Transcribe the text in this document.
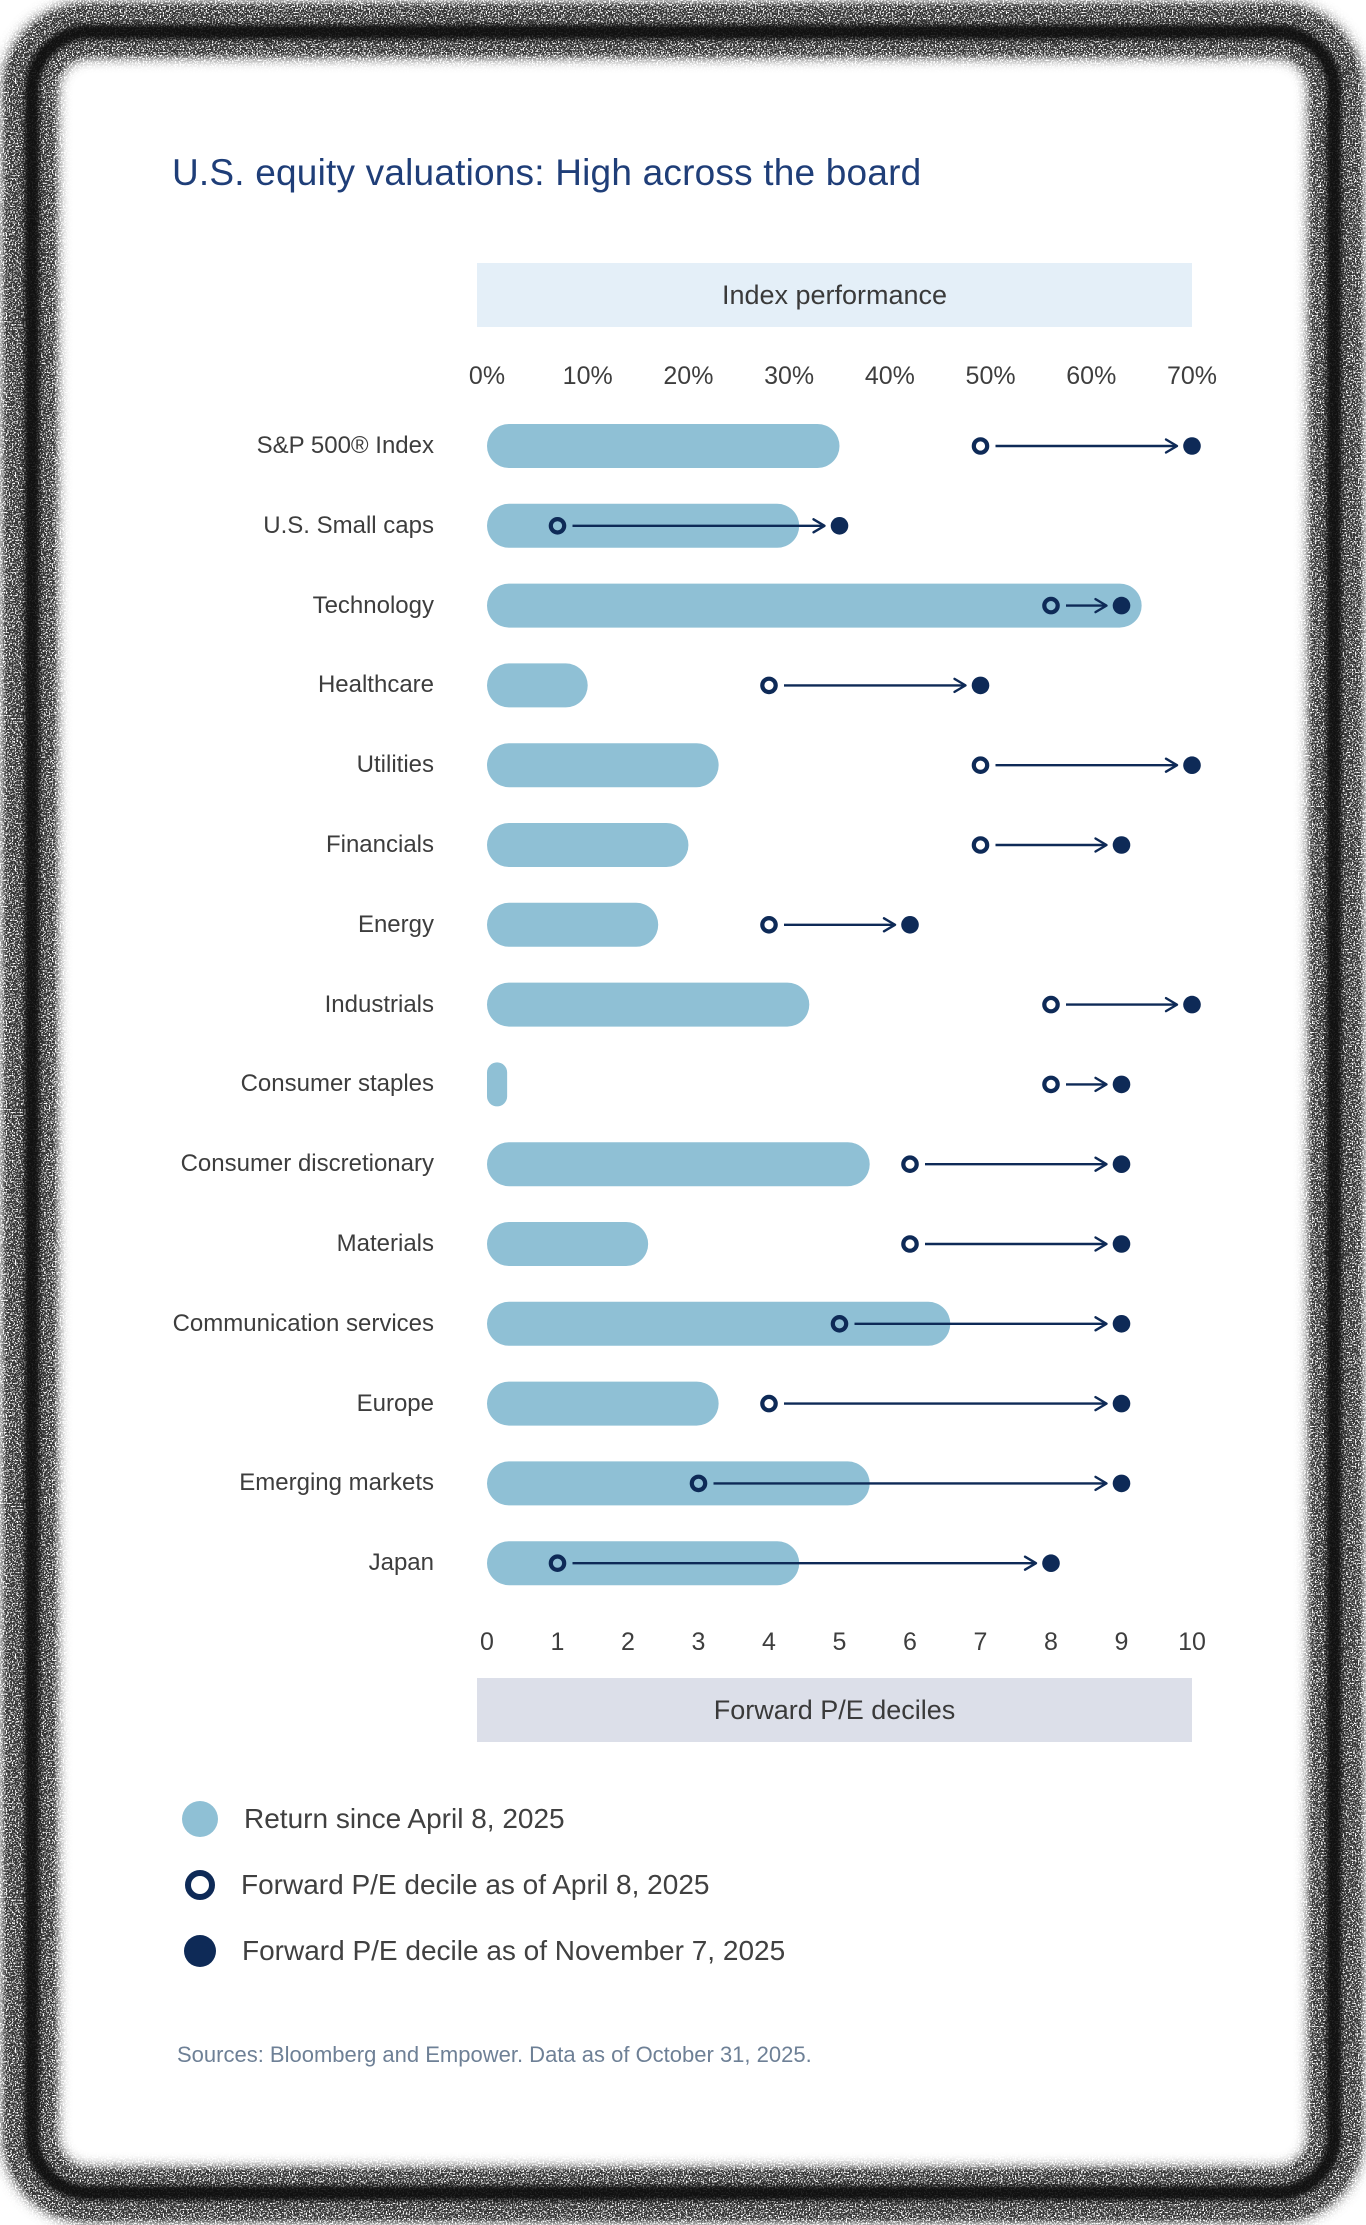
U.S. equity valuations: High across the board
Index performance
0% 10% 20% 30% 40% 50% 60% 70%
S&P 500® Index
U.S. Small caps
Technology
Healthcare
Utilities
Financials
Energy
Industrials
Consumer staples
Consumer discretionary
Materials
Communication services
Europe
Emerging markets
Japan
0 1 2 3 4 5 6 7 8 9 10
Forward P/E deciles
Return since April 8, 2025
Forward P/E decile as of April 8, 2025
Forward P/E decile as of November 7, 2025
Sources: Bloomberg and Empower. Data as of October 31, 2025.
